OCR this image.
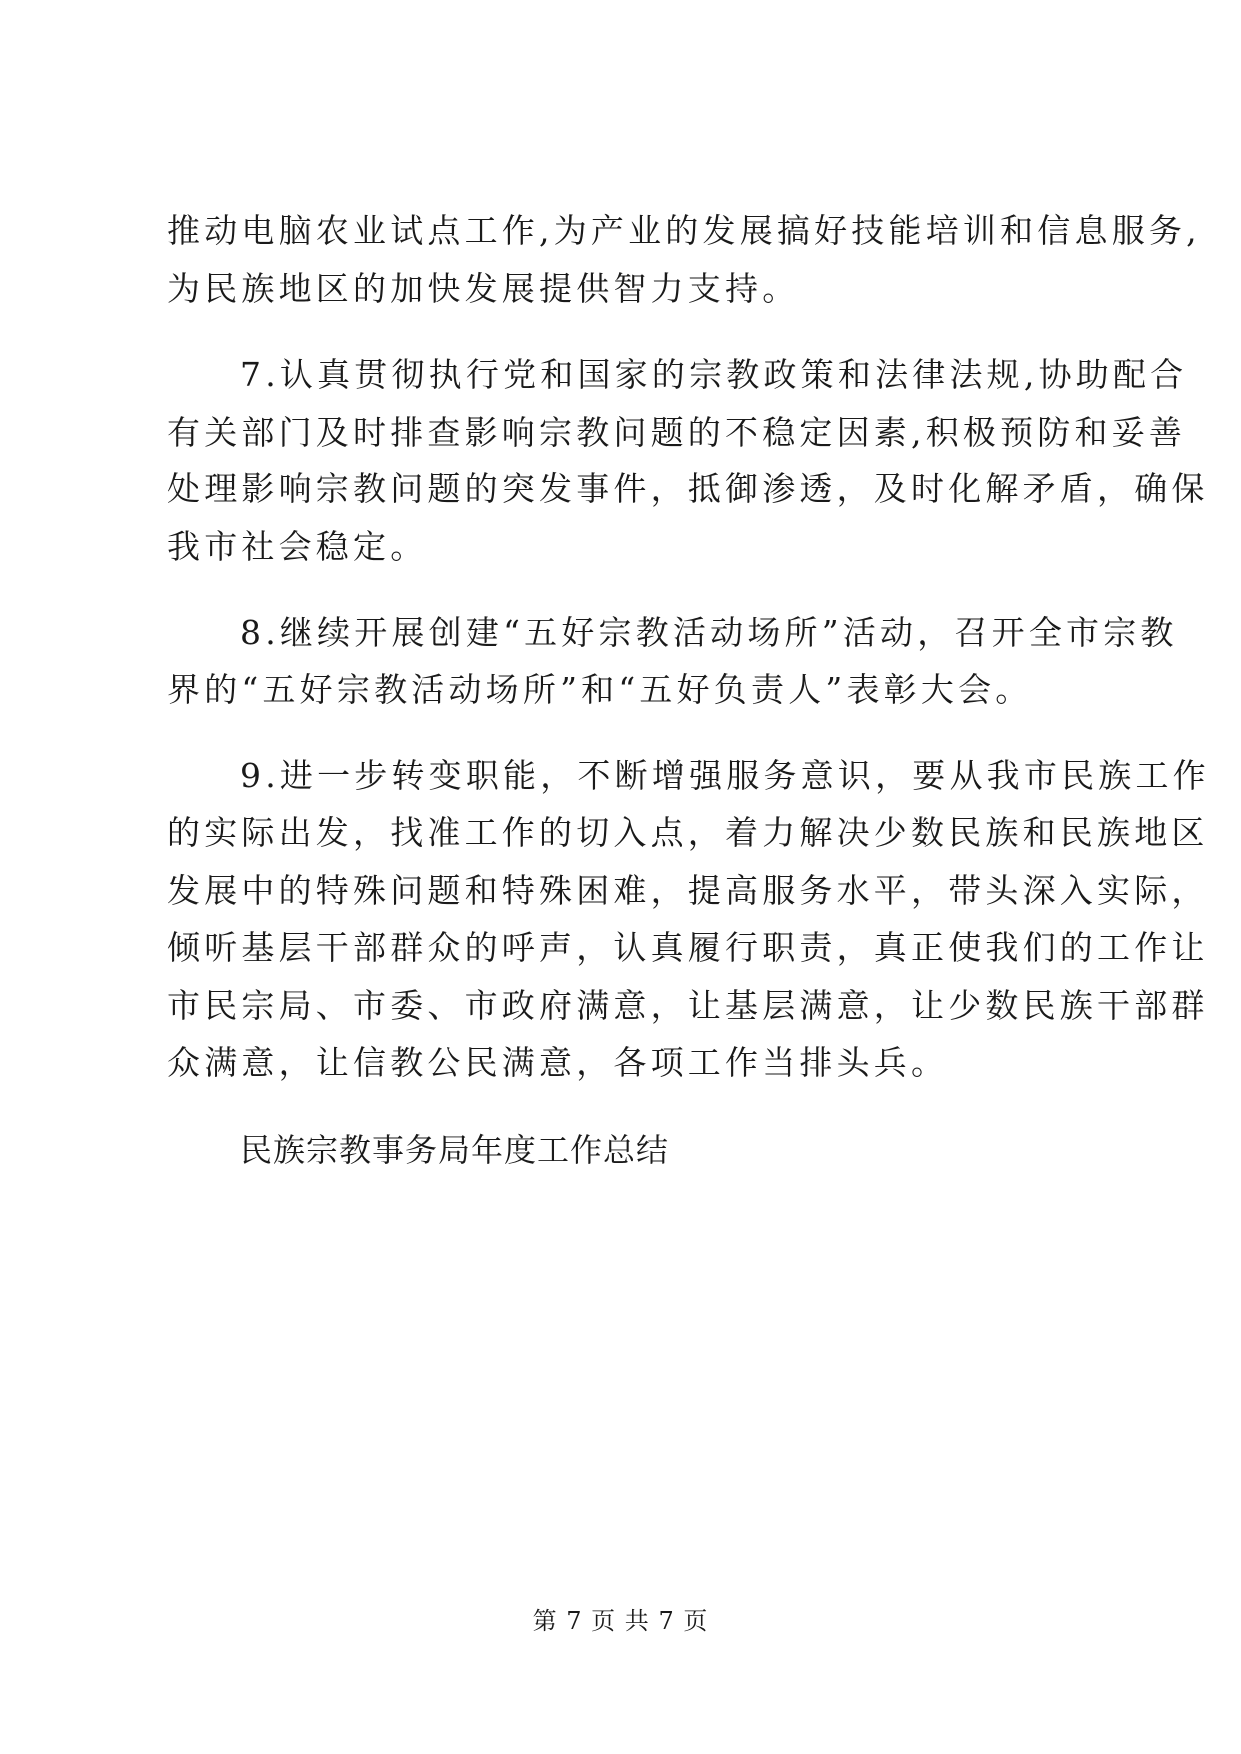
推动电脑农业试点工作,为产业的发展搞好技能培训和信息服务,
为民族地区的加快发展提供智力支持。
7.认真贯彻执行党和国家的宗教政策和法律法规,协助配合
有关部门及时排查影响宗教问题的不稳定因素,积极预防和妥善
处理影响宗教问题的突发事件，抵御渗透，及时化解矛盾，确保
我市社会稳定。
8.继续开展创建“五好宗教活动场所”活动，召开全市宗教
界的“五好宗教活动场所”和“五好负责人”表彰大会。
9.进一步转变职能，不断增强服务意识，要从我市民族工作
的实际出发，找准工作的切入点，着力解决少数民族和民族地区
发展中的特殊问题和特殊困难，提高服务水平，带头深入实际，
倾听基层干部群众的呼声，认真履行职责，真正使我们的工作让
市民宗局、市委、市政府满意，让基层满意，让少数民族干部群
众满意，让信教公民满意，各项工作当排头兵。
民族宗教事务局年度工作总结
第 7 页 共 7 页
